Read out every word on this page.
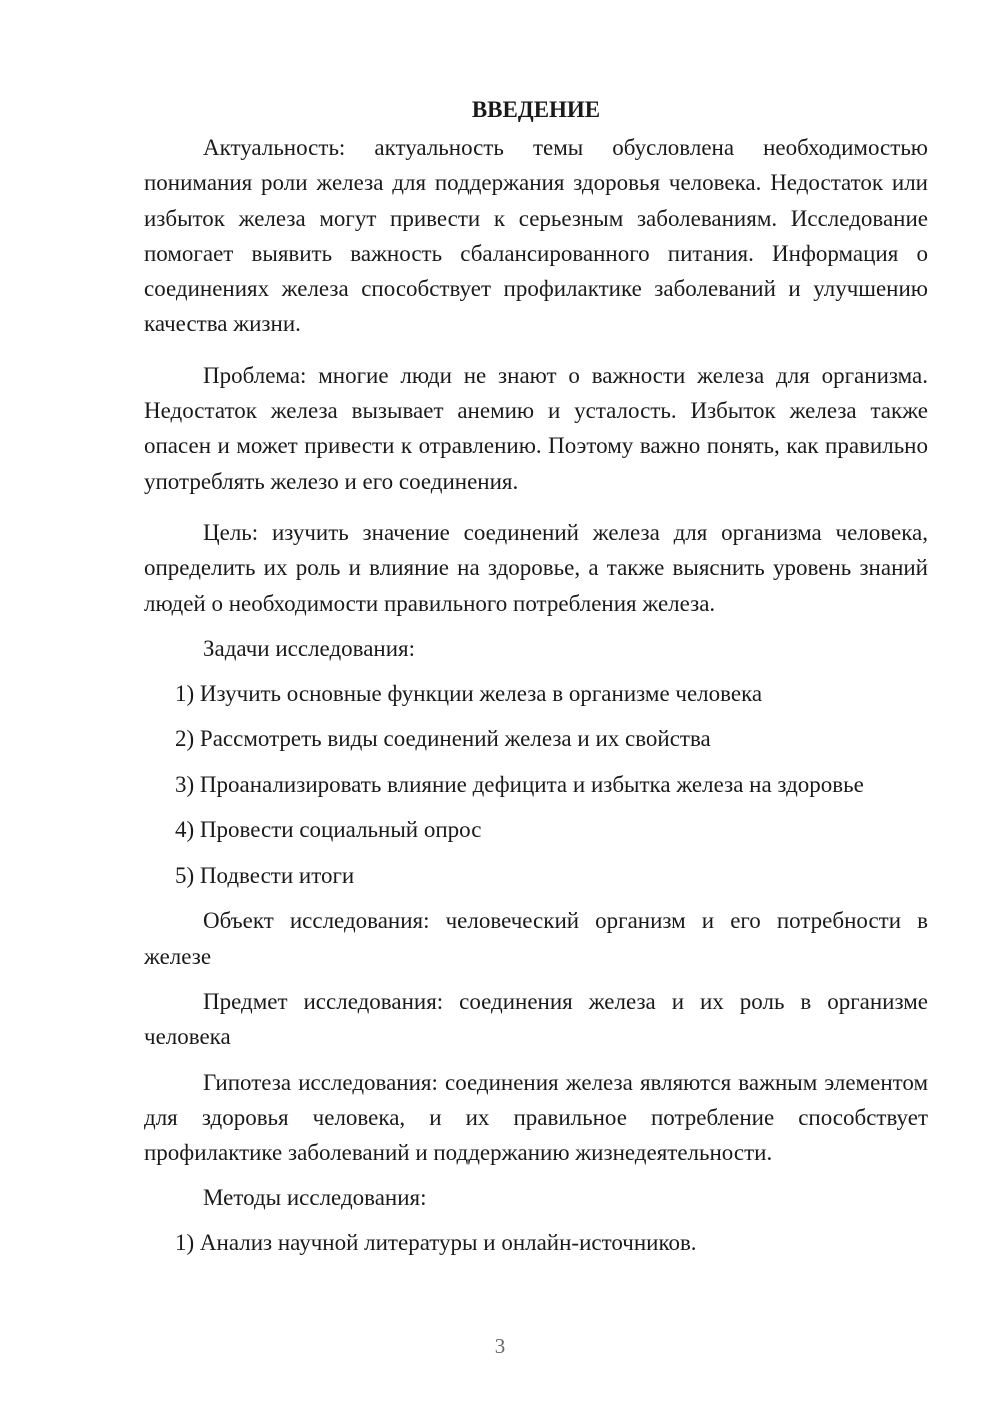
ВВЕДЕНИЕ

Актуальность: актуальность темы обусловлена необходимостью понимания роли железа для поддержания здоровья человека. Недостаток или избыток железа могут привести к серьезным заболеваниям. Исследование помогает выявить важность сбалансированного питания. Информация о соединениях железа способствует профилактике заболеваний и улучшению качества жизни.

Проблема: многие люди не знают о важности железа для организма. Недостаток железа вызывает анемию и усталость. Избыток железа также опасен и может привести к отравлению. Поэтому важно понять, как правильно употреблять железо и его соединения.

Цель: изучить значение соединений железа для организма человека, определить их роль и влияние на здоровье, а также выяснить уровень знаний людей о необходимости правильного потребления железа.

Задачи исследования:

1) Изучить основные функции железа в организме человека

2) Рассмотреть виды соединений железа и их свойства

3) Проанализировать влияние дефицита и избытка железа на здоровье

4) Провести социальный опрос

5) Подвести итоги

Объект исследования: человеческий организм и его потребности в железе

Предмет исследования: соединения железа и их роль в организме человека

Гипотеза исследования: соединения железа являются важным элементом для здоровья человека, и их правильное потребление способствует профилактике заболеваний и поддержанию жизнедеятельности.

Методы исследования:

1) Анализ научной литературы и онлайн-источников.

3
